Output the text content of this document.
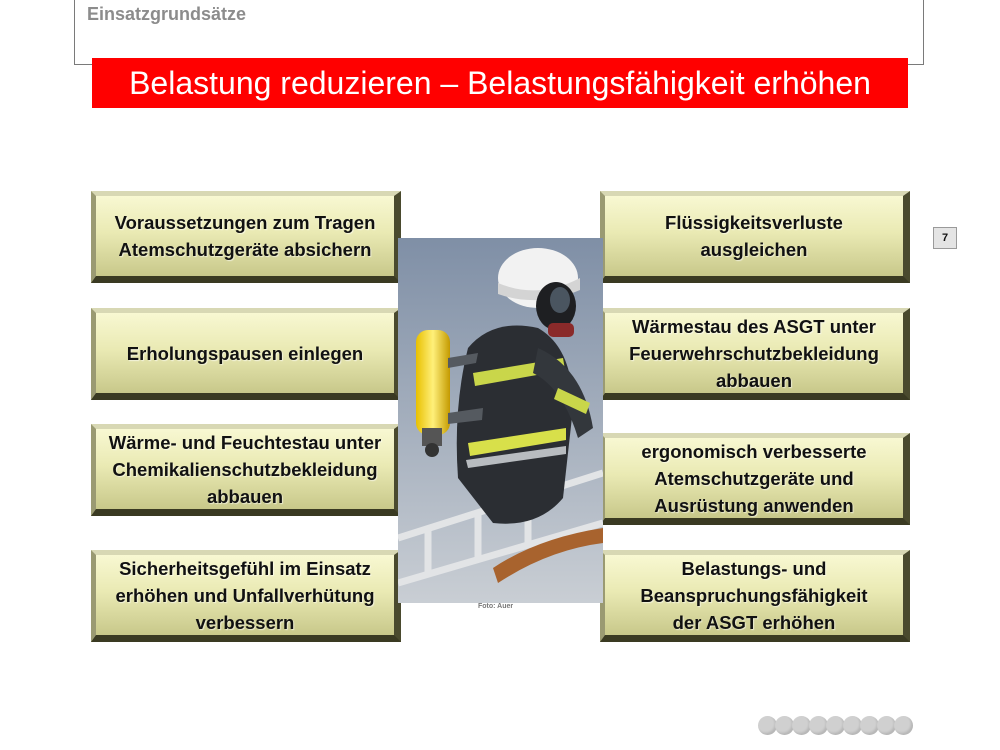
Einsatzgrundsätze
Belastung reduzieren – Belastungsfähigkeit erhöhen
Voraussetzungen zum Tragen
Atemschutzgeräte absichern
Erholungspausen einlegen
Wärme- und Feuchtestau unter
Chemikalienschutzbekleidung
abbauen
Sicherheitsgefühl im Einsatz
erhöhen und Unfallverhütung
verbessern
Flüssigkeitsverluste
ausgleichen
Wärmestau des ASGT unter
Feuerwehrschutzbekleidung
abbauen
ergonomisch verbesserte
Atemschutzgeräte und
Ausrüstung anwenden
Belastungs- und
Beanspruchungsfähigkeit
der ASGT erhöhen
Foto: Auer
7
